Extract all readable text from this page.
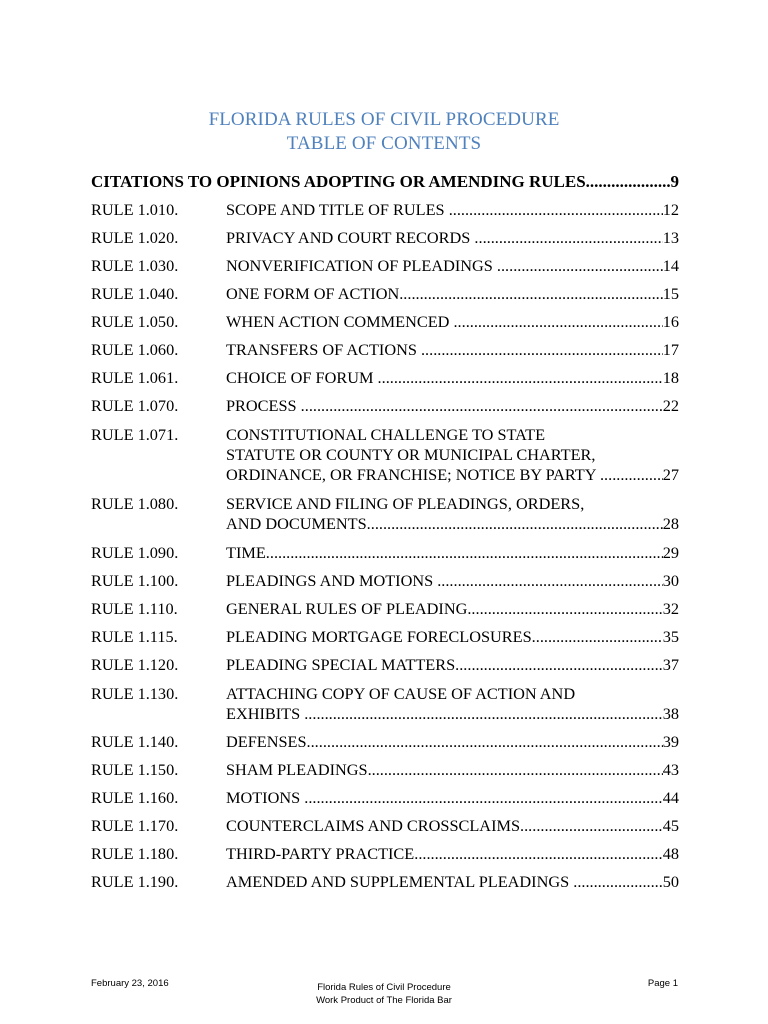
FLORIDA RULES OF CIVIL PROCEDURE
TABLE OF CONTENTS
CITATIONS TO OPINIONS ADOPTING OR AMENDING RULES .....	9
RULE 1.010.	SCOPE AND TITLE OF RULES .....	12
RULE 1.020.	PRIVACY AND COURT RECORDS .....	13
RULE 1.030.	NONVERIFICATION OF PLEADINGS .....	14
RULE 1.040.	ONE FORM OF ACTION .....	15
RULE 1.050.	WHEN ACTION COMMENCED .....	16
RULE 1.060.	TRANSFERS OF ACTIONS .....	17
RULE 1.061.	CHOICE OF FORUM .....	18
RULE 1.070.	PROCESS .....	22
RULE 1.071.	CONSTITUTIONAL CHALLENGE TO STATE
STATUTE OR COUNTY OR MUNICIPAL CHARTER,
ORDINANCE, OR FRANCHISE; NOTICE BY PARTY .....	27
RULE 1.080.	SERVICE AND FILING OF PLEADINGS, ORDERS,
AND DOCUMENTS .....	28
RULE 1.090.	TIME .....	29
RULE 1.100.	PLEADINGS AND MOTIONS .....	30
RULE 1.110.	GENERAL RULES OF PLEADING .....	32
RULE 1.115.	PLEADING MORTGAGE FORECLOSURES .....	35
RULE 1.120.	PLEADING SPECIAL MATTERS .....	37
RULE 1.130.	ATTACHING COPY OF CAUSE OF ACTION AND
EXHIBITS .....	38
RULE 1.140.	DEFENSES .....	39
RULE 1.150.	SHAM PLEADINGS .....	43
RULE 1.160.	MOTIONS .....	44
RULE 1.170.	COUNTERCLAIMS AND CROSSCLAIMS .....	45
RULE 1.180.	THIRD-PARTY PRACTICE .....	48
RULE 1.190.	AMENDED AND SUPPLEMENTAL PLEADINGS .....	50
February 23, 2016	Florida Rules of Civil Procedure
Work Product of The Florida Bar
Page 1
